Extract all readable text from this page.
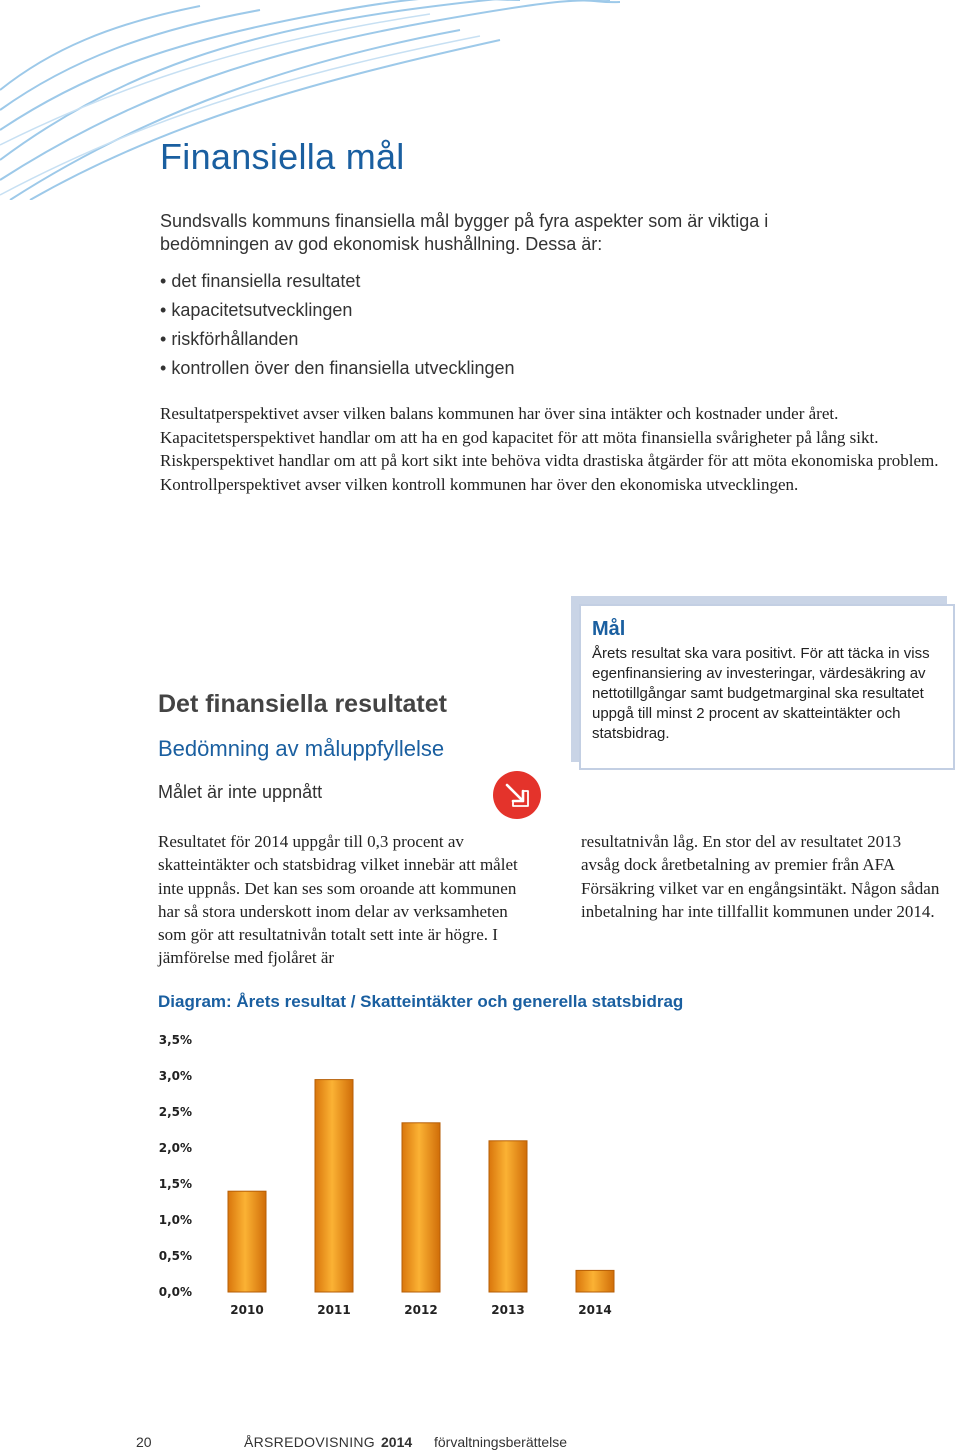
Finansiella mål

Sundsvalls kommuns finansiella mål bygger på fyra aspekter som är viktiga i bedömningen av god ekonomisk hushållning. Dessa är:

• det finansiella resultatet
• kapacitetsutvecklingen
• riskförhållanden
• kontrollen över den finansiella utvecklingen

Resultatperspektivet avser vilken balans kommunen har över sina intäkter och kostnader under året. Kapacitetsperspektivet handlar om att ha en god kapacitet för att möta finansiella svårigheter på lång sikt. Riskperspektivet handlar om att på kort sikt inte behöva vidta drastiska åtgärder för att möta ekonomiska problem. Kontrollperspektivet avser vilken kontroll kommunen har över den ekonomiska utvecklingen.

Mål

Årets resultat ska vara positivt. För att täcka in viss egenfinansiering av investeringar, värdesäkring av nettotillgångar samt budgetmarginal ska resultatet uppgå till minst 2 procent av skatteintäkter och statsbidrag.

Det finansiella resultatet
Bedömning av måluppfyllelse

Målet är inte uppnått

Resultatet för 2014 uppgår till 0,3 procent av skatteintäkter och statsbidrag vilket innebär att målet inte uppnås. Det kan ses som oroande att kommunen har så stora underskott inom delar av verksamheten som gör att resultatnivån totalt sett inte är högre. I jämförelse med fjolåret är

resultatnivån låg. En stor del av resultatet 2013 avsåg dock åretbetalning av premier från AFA Försäkring vilket var en engångsintäkt. Någon sådan inbetalning har inte tillfallit kommunen under 2014.

Diagram: Årets resultat / Skatteintäkter och generella statsbidrag
0,0%
0,5%
1,0%
1,5%
2,0%
2,5%
3,0%
3,5%
2010	2011	2012	2013	2014
20	ÅRSREDOVISNING 2014 förvaltningsberättelse
